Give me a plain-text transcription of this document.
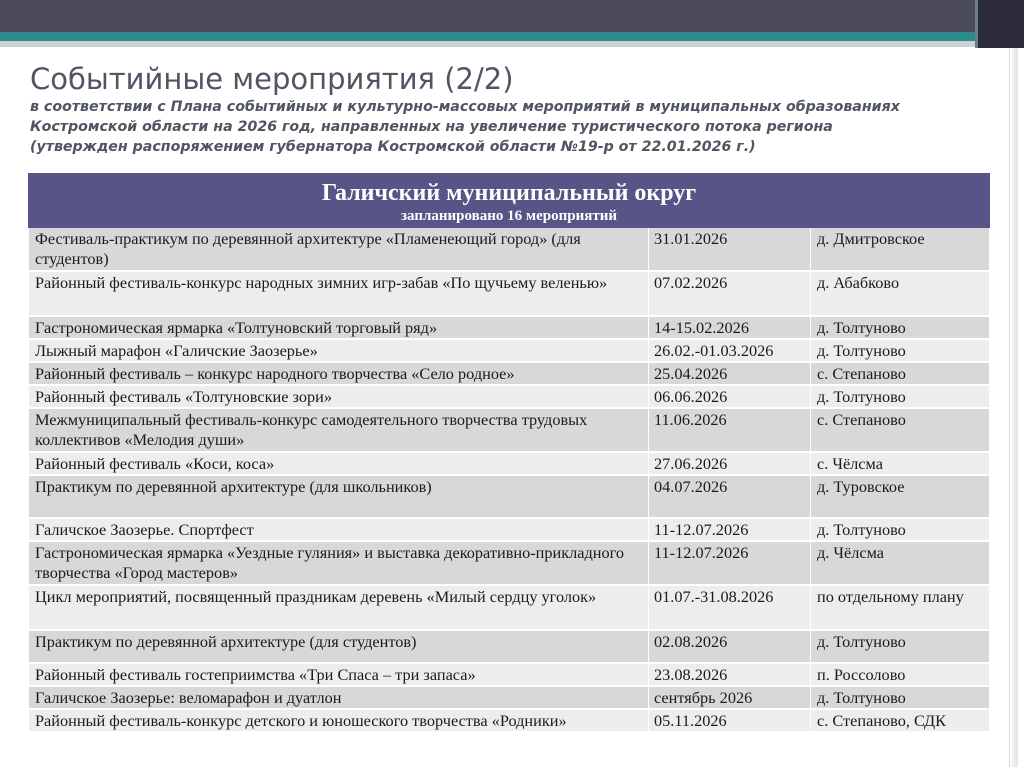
Событийные мероприятия (2/2)
в соответствии с Плана событийных и культурно-массовых мероприятий в муниципальных образованиях
Костромской области на 2026 год, направленных на увеличение туристического потока региона
(утвержден распоряжением губернатора Костромской области №19-р от 22.01.2026 г.)
Галичский муниципальный округ
запланировано 16 мероприятий		

Фестиваль-практикум по деревянной архитектуре «Пламенеющий город» (для студентов)	31.01.2026	д. Дмитровское
Районный фестиваль-конкурс народных зимних игр-забав «По щучьему веленью»	07.02.2026	д. Абабково
Гастрономическая ярмарка «Толтуновский торговый ряд»	14-15.02.2026	д. Толтуново
Лыжный марафон «Галичские Заозерье»	26.02.-01.03.2026	д. Толтуново
Районный фестиваль – конкурс народного творчества «Село родное»	25.04.2026	с. Степаново
Районный фестиваль «Толтуновские зори»	06.06.2026	д. Толтуново
Межмуниципальный фестиваль-конкурс самодеятельного творчества трудовых коллективов «Мелодия души»	11.06.2026	с. Степаново
Районный фестиваль «Коси, коса»	27.06.2026	с. Чёлсма
Практикум по деревянной архитектуре (для школьников)	04.07.2026	д. Туровское
Галичское Заозерье. Спортфест	11-12.07.2026	д. Толтуново
Гастрономическая ярмарка «Уездные гуляния» и выставка декоративно-прикладного творчества «Город мастеров»	11-12.07.2026	д. Чёлсма
Цикл мероприятий, посвященный праздникам деревень «Милый сердцу уголок»	01.07.-31.08.2026	по отдельному плану
Практикум по деревянной архитектуре (для студентов)	02.08.2026	д. Толтуново
Районный фестиваль гостеприимства «Три Спаса – три запаса»	23.08.2026	п. Россолово
Галичское Заозерье: веломарафон и дуатлон	сентябрь 2026	д. Толтуново
Районный фестиваль-конкурс детского и юношеского творчества «Родники»	05.11.2026	с. Степаново, СДК
